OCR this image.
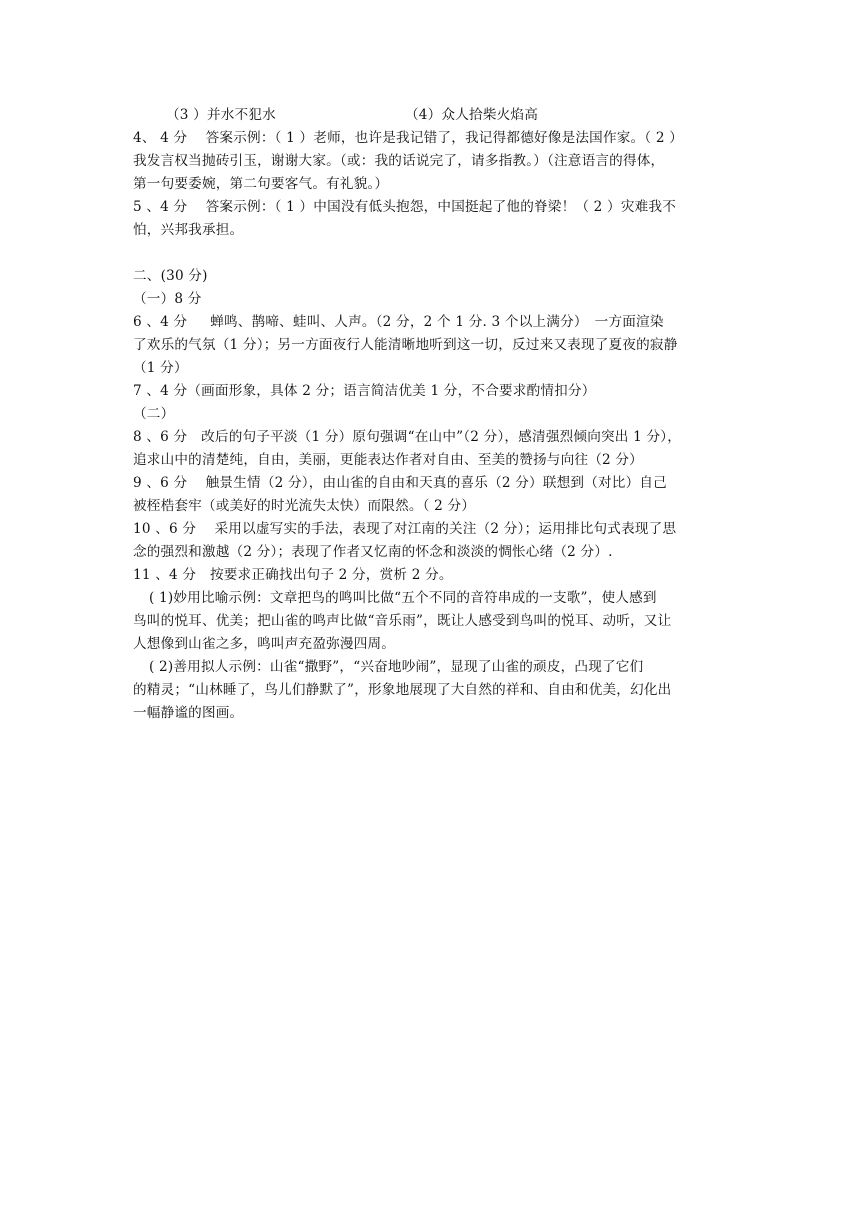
（3 ）并水不犯水	（4）众人拾柴火焰高
4、 4 分　 答案示例：（ 1 ）老师，也许是我记错了，我记得都德好像是法国作家。（ 2 ）
我发言权当抛砖引玉，谢谢大家。（或：我的话说完了，请多指教。）（注意语言的得体，
第一句要委婉，第二句要客气。有礼貌。）
5 、4 分　 答案示例：（ 1 ）中国没有低头抱怨，中国挺起了他的脊梁！（ 2 ）灾难我不
怕，兴邦我承担。
二、(30 分)
（一）8 分
6 、4 分　  蝉鸣、鹊啼、蛙叫、人声。（2 分，2 个 1 分. 3 个以上满分）　一方面渲染
了欢乐的气氛（1 分）；另一方面夜行人能清晰地听到这一切，反过来又表现了夏夜的寂静
（1 分）
7 、4 分（画面形象，具体 2 分；语言简洁优美 1 分，不合要求酌情扣分）
（二）
8 、6 分　改后的句子平淡（1 分）原句强调“在山中”（2 分），感清强烈倾向突出 1 分），
追求山中的清楚纯，自由，美丽，更能表达作者对自由、至美的赞扬与向往（2 分）
9 、6 分　 触景生情（2 分），由山雀的自由和天真的喜乐（2 分）联想到（对比）自己
被桎梏套牢（或美好的时光流失太快）而限然。（ 2 分）
10 、6 分　 采用以虚写实的手法，表现了对江南的关注（2 分）；运用排比句式表现了思
念的强烈和激越（2 分）；表现了作者又忆南的怀念和淡淡的惆怅心绪（2 分）.
11 、4 分　按要求正确找出句子 2 分，赏析 2 分。
( 1)妙用比喻示例：文章把鸟的鸣叫比做“五个不同的音符串成的一支歌”，使人感到
鸟叫的悦耳、优美；把山雀的鸣声比做“音乐雨”，既让人感受到鸟叫的悦耳、动听，又让
人想像到山雀之多，鸣叫声充盈弥漫四周。
( 2)善用拟人示例：山雀“撒野”，“兴奋地吵闹”，显现了山雀的顽皮，凸现了它们
的精灵；“山林睡了，鸟儿们静默了”，形象地展现了大自然的祥和、自由和优美，幻化出
一幅静谧的图画。
